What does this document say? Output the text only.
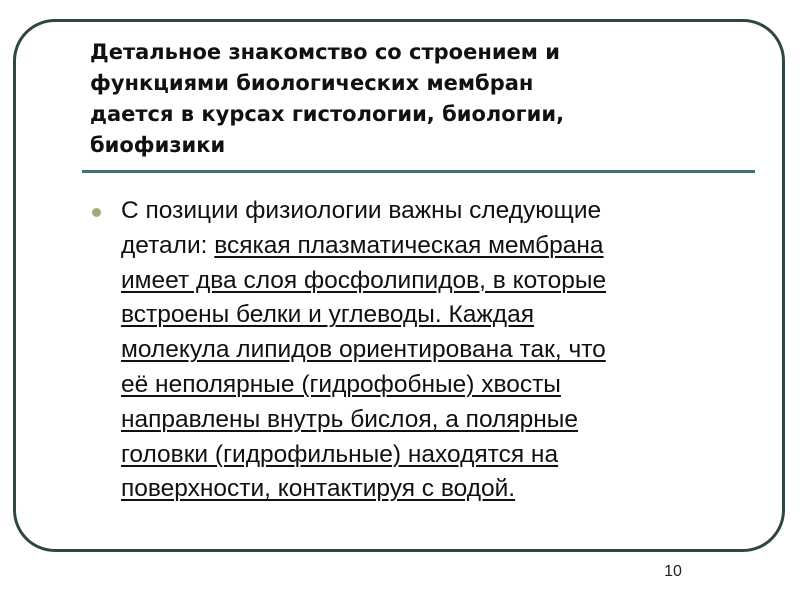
Детальное знакомство со строением и
функциями биологических мембран
дается в курсах гистологии, биологии,
биофизики
С позиции физиологии важны следующие
детали: всякая плазматическая мембрана
имеет два слоя фосфолипидов, в которые
встроены белки и углеводы. Каждая
молекула липидов ориентирована так, что
её неполярные (гидрофобные) хвосты
направлены внутрь бислоя, а полярные
головки (гидрофильные) находятся на
поверхности, контактируя с водой.
10
